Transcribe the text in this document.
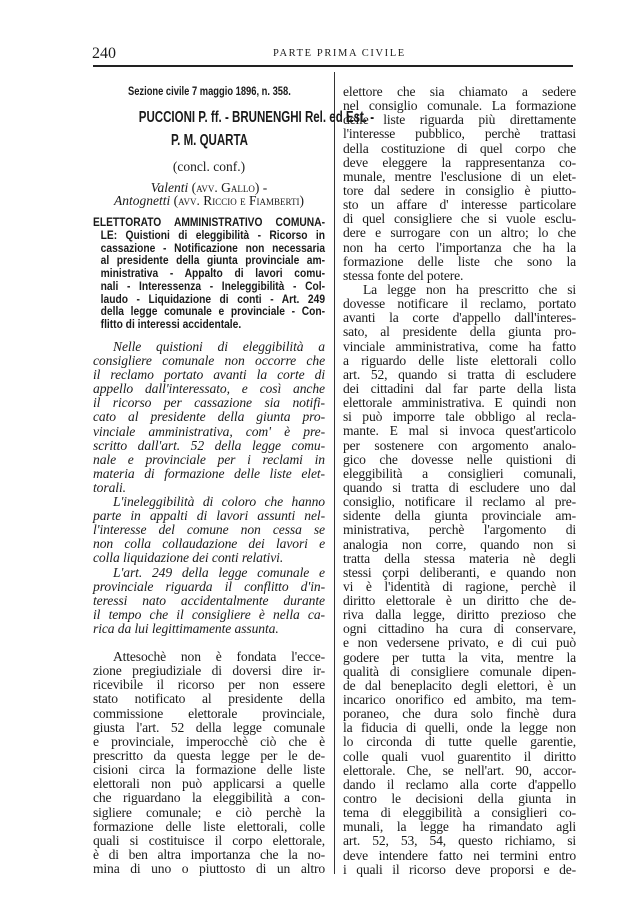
240	PARTE PRIMA CIVILE
Sezione civile 7 maggio 1896, n. 358.
PUCCIONI P. ff. - BRUNENGHI Rel. ed Est. -
P. M. QUARTA
(concl. conf.)
Valenti (avv. Gallo) -
Antognetti (avv. Riccio e Fiamberti)
ELETTORATO AMMINISTRATIVO COMUNA-
LE: Quistioni di eleggibilità - Ricorso in
cassazione - Notificazione non necessaria
al presidente della giunta provinciale am-
ministrativa - Appalto di lavori comu-
nali - Interessenza - Ineleggibilità - Col-
laudo - Liquidazione di conti - Art. 249
della legge comunale e provinciale - Con-
flitto di interessi accidentale.
Nelle quistioni di eleggibilità a
consigliere comunale non occorre che
il reclamo portato avanti la corte di
appello dall'interessato, e così anche
il ricorso per cassazione sia notifi-
cato al presidente della giunta pro-
vinciale amministrativa, com' è pre-
scritto dall'art. 52 della legge comu-
nale e provinciale per i reclami in
materia di formazione delle liste elet-
torali.
L'ineleggibilità di coloro che hanno
parte in appalti di lavori assunti nel-
l'interesse del comune non cessa se
non colla collaudazione dei lavori e
colla liquidazione dei conti relativi.
L'art. 249 della legge comunale e
provinciale riguarda il conflitto d'in-
teressi nato accidentalmente durante
il tempo che il consigliere è nella ca-
rica da lui legittimamente assunta.
Attesochè non è fondata l'ecce-
zione pregiudiziale di doversi dire ir-
ricevibile il ricorso per non essere
stato notificato al presidente della
commissione elettorale provinciale,
giusta l'art. 52 della legge comunale
e provinciale, imperocchè ciò che è
prescritto da questa legge per le de-
cisioni circa la formazione delle liste
elettorali non può applicarsi a quelle
che riguardano la eleggibilità a con-
sigliere comunale; e ciò perchè la
formazione delle liste elettorali, colle
quali si costituisce il corpo elettorale,
è di ben altra importanza che la no-
mina di uno o piuttosto di un altro
elettore che sia chiamato a sedere
nel consiglio comunale. La formazione
delle liste riguarda più direttamente
l'interesse pubblico, perchè trattasi
della costituzione di quel corpo che
deve eleggere la rappresentanza co-
munale, mentre l'esclusione di un elet-
tore dal sedere in consiglio è piutto-
sto un affare d' interesse particolare
di quel consigliere che si vuole esclu-
dere e surrogare con un altro; lo che
non ha certo l'importanza che ha la
formazione delle liste che sono la
stessa fonte del potere.
La legge non ha prescritto che si
dovesse notificare il reclamo, portato
avanti la corte d'appello dall'interes-
sato, al presidente della giunta pro-
vinciale amministrativa, come ha fatto
a riguardo delle liste elettorali collo
art. 52, quando si tratta di escludere
dei cittadini dal far parte della lista
elettorale amministrativa. E quindi non
si può imporre tale obbligo al recla-
mante. E mal si invoca quest'articolo
per sostenere con argomento analo-
gico che dovesse nelle quistioni di
eleggibilità a consiglieri comunali,
quando si tratta di escludere uno dal
consiglio, notificare il reclamo al pre-
sidente della giunta provinciale am-
ministrativa, perchè l'argomento di
analogia non corre, quando non si
tratta della stessa materia nè degli
stessi çorpi deliberanti, e quando non
vi è l'identità di ragione, perchè il
diritto elettorale è un diritto che de-
riva dalla legge, diritto prezioso che
ogni cittadino ha cura di conservare,
e non vedersene privato, e di cui può
godere per tutta la vita, mentre la
qualità di consigliere comunale dipen-
de dal beneplacito degli elettori, è un
incarico onorifico ed ambito, ma tem-
poraneo, che dura solo finchè dura
la fiducia di quelli, onde la legge non
lo circonda di tutte quelle garentie,
colle quali vuol guarentito il diritto
elettorale. Che, se nell'art. 90, accor-
dando il reclamo alla corte d'appello
contro le decisioni della giunta in
tema di eleggibilità a consiglieri co-
munali, la legge ha rimandato agli
art. 52, 53, 54, questo richiamo, si
deve intendere fatto nei termini entro
i quali il ricorso deve proporsi e de-
